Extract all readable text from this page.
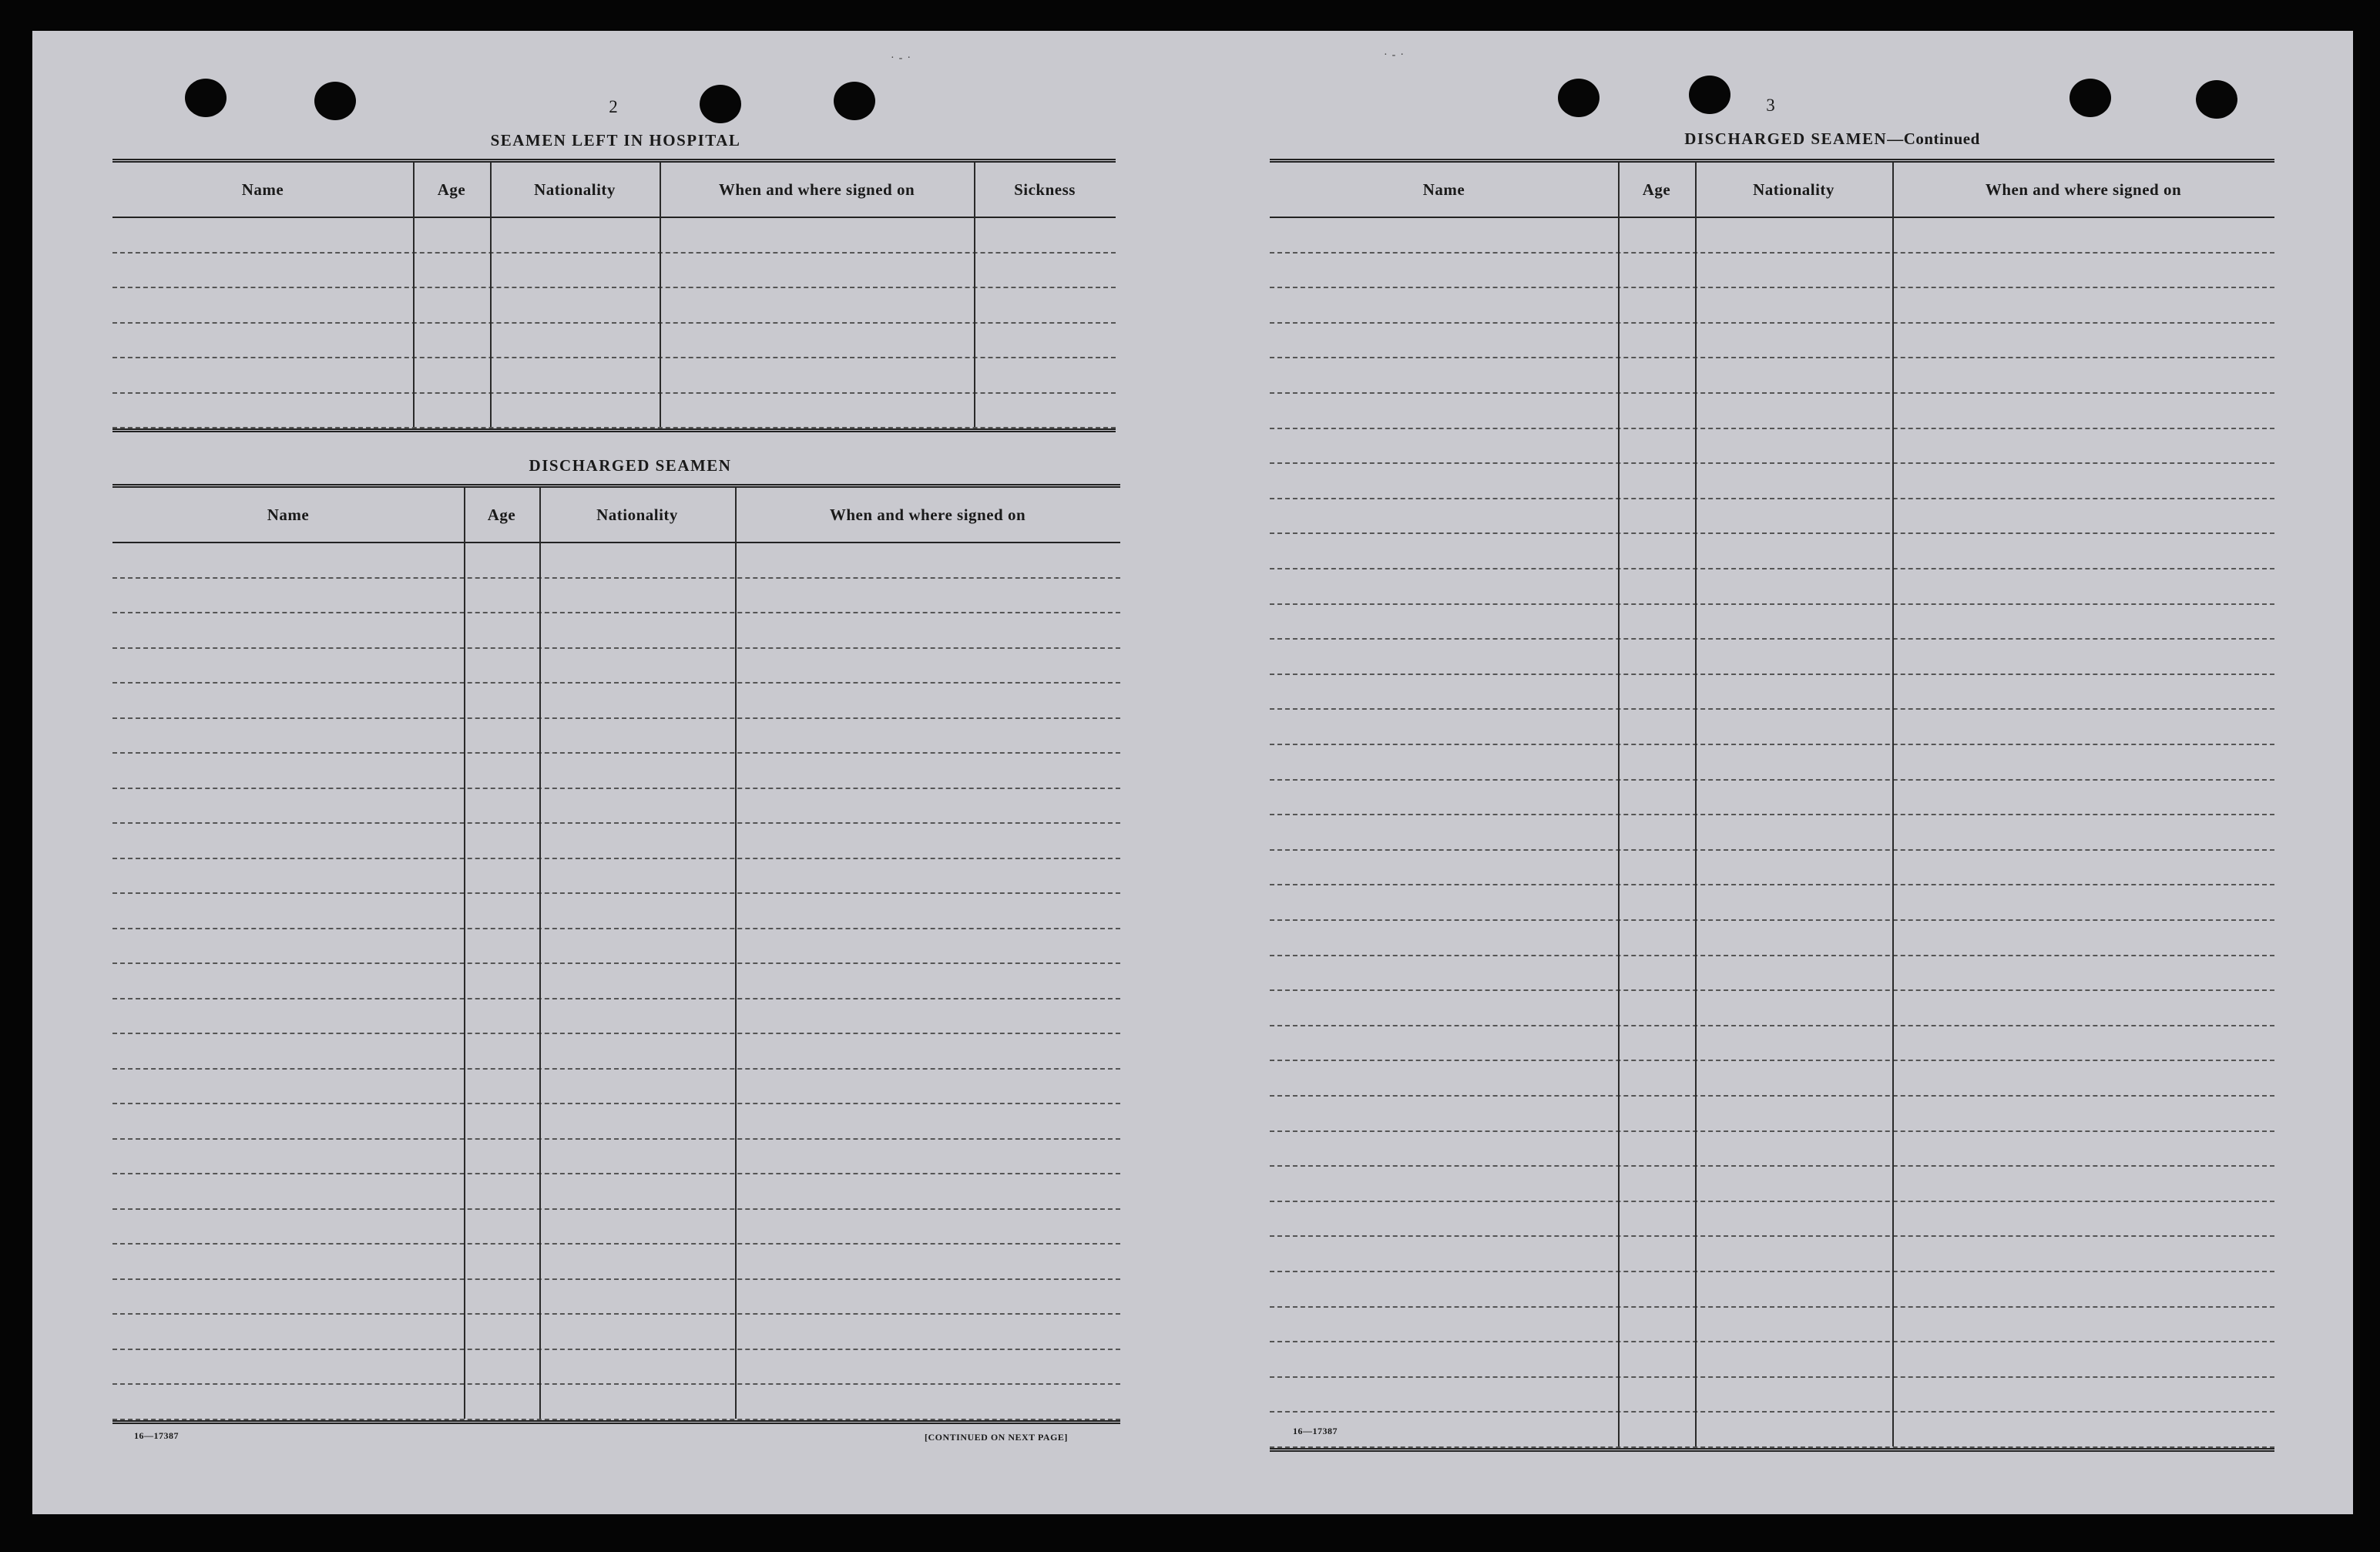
·‐·	·‐·
2
SEAMEN LEFT IN HOSPITAL
Name	Age	Nationality	When and where signed on	Sickness
DISCHARGED SEAMEN
Name	Age	Nationality	When and where signed on
16—17387	[CONTINUED ON NEXT PAGE]
3
DISCHARGED SEAMEN—Continued
Name	Age	Nationality	When and where signed on
16—17387
